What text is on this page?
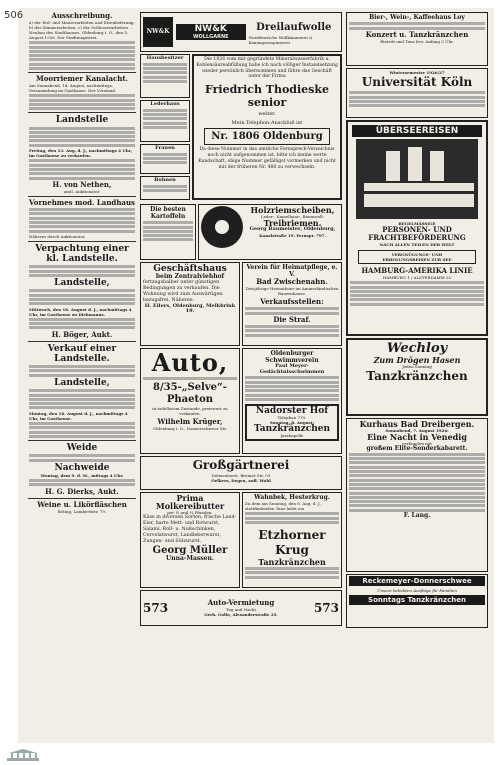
506	Ausschreibung.
a) der Erd- und Maurerarbeiten und Eisenlieferung, b) der Zimmerarbeiten, c) der Schlosserarbeiten … Neubau des Stadthauses. Oldenburg i. O., den 5. August 1926. Der Stadtmagistrat.
Moorriemer Kanalacht.
Am Sonnabend, 14. August, nachmittags, Versammlung im Gasthause. Der Vorstand.
Landstelle
Freitag, den 13. Aug. d. J., nachmittags 4 Uhr, im Gasthause zu verkaufen.
H. von Nethen,
amtl. Auktionator.
Vornehmes mod. Landhaus
Näheres durch Auktionator.
Verpachtung einer kl. Landstelle.
Landstelle,
Mittwoch, den 18. August d. J., nachmittags 4 Uhr, im Gasthause zu Diekmanns.
H. Böger, Aukt.
Verkauf einer Landstelle.
Landstelle,
Montag, den 16. August d. J., nachmittags 4 Uhr, im Gasthause.
Weide
Nachweide
Montag, dem 9. d. M., mittags 4 Uhr.
H. G. Dierks, Aukt.
Weine u. Likörfläschen
Böting, Lambertistr. 79.
NW&K	NW&K
WOLLGARNE
Dreilaufwolle
Norddeutsche Wollkämmerei & Kammgarnspinnerei
Hausbesitzer
Lederhaus
Frauen
Bohnen
Die 1926 vom mir gegründete Mineralwasserfabrik u. Kohlensäureabfüllung habe ich nach völliger Instandsetzung wieder persönlich übernommen und führe das Geschäft unter der Firma
Friedrich Thodieske senior
weiter.
Mein Telephon-Anschluß ist
Nr. 1806 Oldenburg
Da diese Nummer in das amtliche Fernsprech-Verzeichnis noch nicht aufgenommen ist, bitte ich meine werte Kundschaft, obige Nummer gefälligst vormerken und nicht mit der früheren Nr. 480 zu verwechseln.
Die besten Kartoffeln
Holzriemscheiben,
Leder-, Kamelhaar-, Baumwoll-
Treibriemen.
Georg Baumeister, Oldenburg,
Kanalstraße 19. Fernspr. 797.
Geschäftshaus
beim Zentralviehhof
fortzugshalber unter günstigen Bedingungen zu verkaufen. Die Wohnung wird zum Auswärtigen bezugsfrei. Näheres:
H. Eilers, Oldenburg, Melkbrink 19.
Verein für Heimatpflege, e. V.
Bad Zwischenahn.
Diesjährige Heimatfeier im Ammerländischen Bauernhause.
Verkaufsstellen:
Die Straf.
Auto,
8/35-„Selve“-Phaeton
in tadellosem Zustande, preiswert zu verkaufen.
Wilhelm Krüger,
Oldenburg i. O., Donnerschweer Str.
Oldenburger Schwimmverein
Paul Meyer-Gedächtnisschwimmen
Nadorster Hof
Telephon 770.
Sonntag, 8. August:
Tanzkränzchen
Jazzkapelle
Großgärtnerei
Delmenhorst, Bremer Str. 53
Oelkers, Degen, aufl. Wohl
Prima Molkereibutter
per ½ und ¼ Pfunden.
Käse in diversen Sorten, frische Land-Eier, harte Mett- und Rotwurst, Salami, Roll- u. Nußschinken, Cervelatwurst, Landleberwurst, Zungen- und Sülzwurst.
Georg Müller
Unna-Massen.
Wahnbek, Hesterkrug.
Zu dem am Sonntag, den 8. Aug. d. J., stattfindenden Tanz ladet ein
Etzhorner Krug
Tanzkränzchen
573	Auto-Vermietung
Tag und Nacht
Gerh. Gollo, Alexanderstraße 25.	573
Bier-, Wein-, Kaffeehaus Loy
Konzert u. Tanzkränzchen
Eintritt und Tanz frei. Anfang 5 Uhr.
Wintersemester 1926/27
Universität Köln
ÜBERSEEREISEN
REGELMÄSSIGE
PERSONEN- UND
FRACHTBEFÖRDERUNG
NACH ALLEN TEILEN DER WELT
VERGNÜGUNGS- UND
ERHOLUNGSREISEN ZUR SEE
HAMBURG-AMERIKA LINIE
HAMBURG 1 / ALSTERDAMM 25
Wechloy
Zum Drögen Hasen
Jeden Sonntag
Tanzkränzchen
Kurhaus Bad Dreibergen.
Sonnabend, 7. August 1926:
Eine Nacht in Venedig
verbunden mit
großem Elite-Sonderkabarett.
F. Lang.
Reckemeyer-Donnerschwee
Unsere beliebten Ausflüge für Familien
Sonntags Tanzkränzchen
